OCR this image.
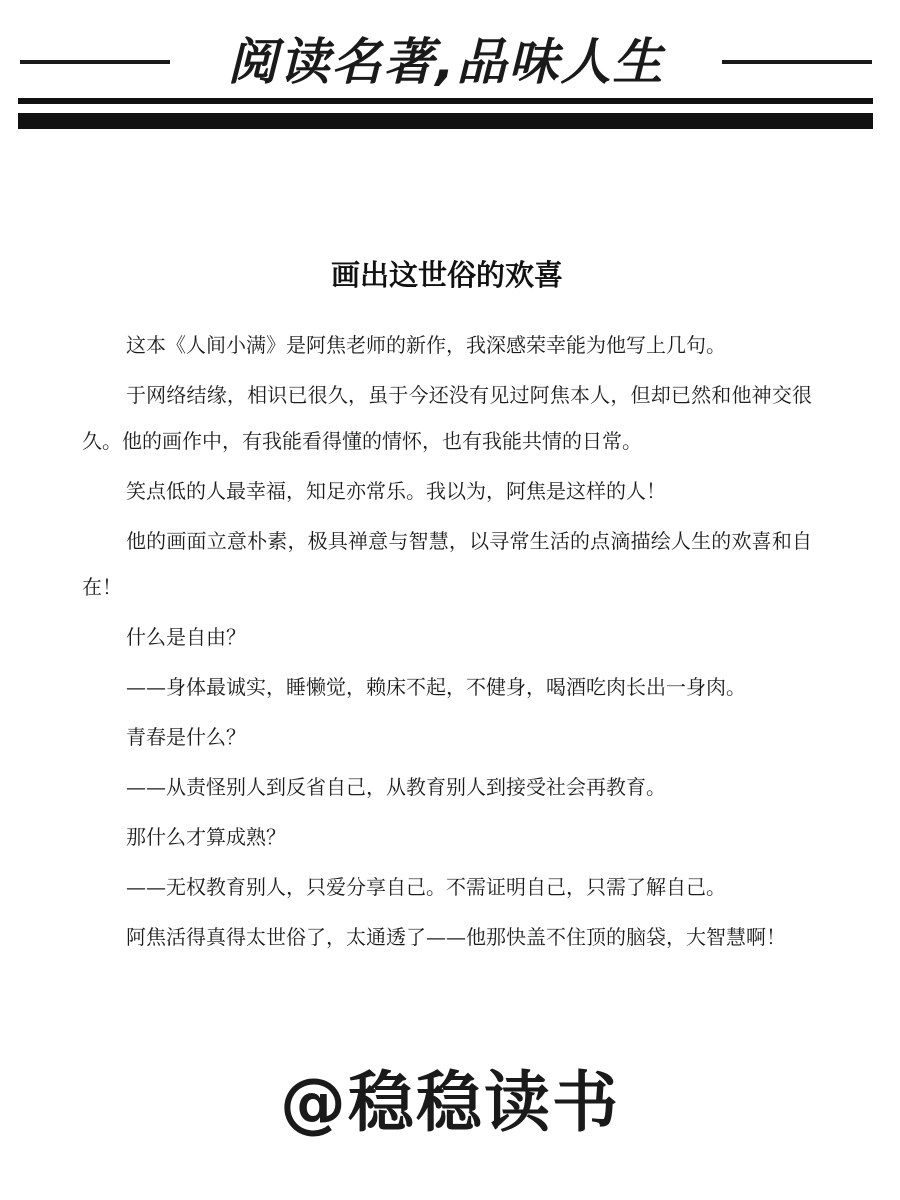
阅读名著,品味人生
画出这世俗的欢喜

这本《人间小满》是阿焦老师的新作，我深感荣幸能为他写上几句。

于网络结缘，相识已很久，虽于今还没有见过阿焦本人，但却已然和他神交很久。他的画作中，有我能看得懂的情怀，也有我能共情的日常。

笑点低的人最幸福，知足亦常乐。我以为，阿焦是这样的人！

他的画面立意朴素，极具禅意与智慧，以寻常生活的点滴描绘人生的欢喜和自在！

什么是自由？

——身体最诚实，睡懒觉，赖床不起，不健身，喝酒吃肉长出一身肉。

青春是什么？

——从责怪别人到反省自己，从教育别人到接受社会再教育。

那什么才算成熟？

——无权教育别人，只爱分享自己。不需证明自己，只需了解自己。

阿焦活得真得太世俗了，太通透了——他那快盖不住顶的脑袋，大智慧啊！

@稳稳读书
